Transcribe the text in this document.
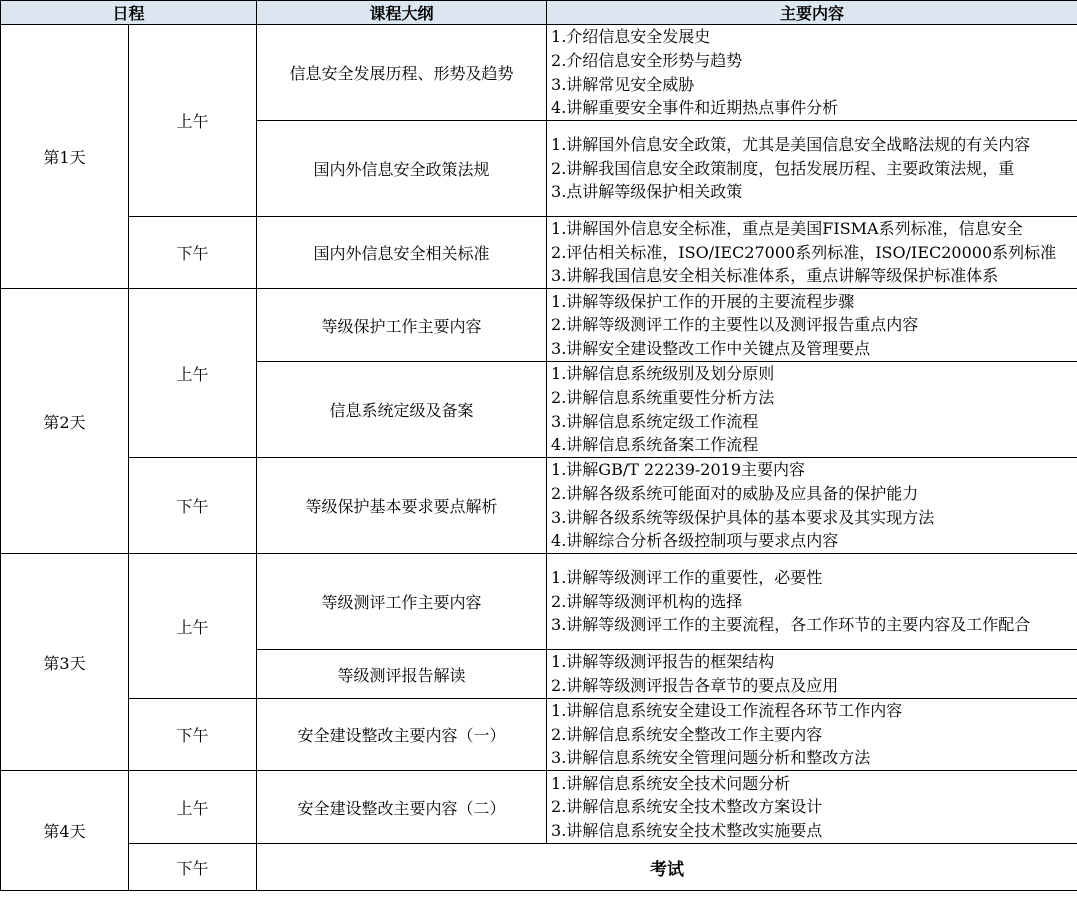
日程		课程大纲	主要内容
第1天	上午	信息安全发展历程、形势及趋势	1.介绍信息安全发展史
2.介绍信息安全形势与趋势
3.讲解常见安全威胁
4.讲解重要安全事件和近期热点事件分析

		国内外信息安全政策法规	1.讲解国外信息安全政策，尤其是美国信息安全战略法规的有关内容
2.讲解我国信息安全政策制度，包括发展历程、主要政策法规，重
3.点讲解等级保护相关政策

	下午	国内外信息安全相关标准	1.讲解国外信息安全标准，重点是美国FISMA系列标准，信息安全
2.评估相关标准，ISO/IEC27000系列标准，ISO/IEC20000系列标准
3.讲解我国信息安全相关标准体系，重点讲解等级保护标准体系

第2天	上午	等级保护工作主要内容	1.讲解等级保护工作的开展的主要流程步骤
2.讲解等级测评工作的主要性以及测评报告重点内容
3.讲解安全建设整改工作中关键点及管理要点

		信息系统定级及备案	1.讲解信息系统级别及划分原则
2.讲解信息系统重要性分析方法
3.讲解信息系统定级工作流程
4.讲解信息系统备案工作流程

	下午	等级保护基本要求要点解析	1.讲解GB/T 22239-2019主要内容
2.讲解各级系统可能面对的威胁及应具备的保护能力
3.讲解各级系统等级保护具体的基本要求及其实现方法
4.讲解综合分析各级控制项与要求点内容

第3天	上午	等级测评工作主要内容	1.讲解等级测评工作的重要性，必要性
2.讲解等级测评机构的选择
3.讲解等级测评工作的主要流程，各工作环节的主要内容及工作配合

		等级测评报告解读	1.讲解等级测评报告的框架结构
2.讲解等级测评报告各章节的要点及应用

	下午	安全建设整改主要内容（一）	1.讲解信息系统安全建设工作流程各环节工作内容
2.讲解信息系统安全整改工作主要内容
3.讲解信息系统安全管理问题分析和整改方法

第4天	上午	安全建设整改主要内容（二）	1.讲解信息系统安全技术问题分析
2.讲解信息系统安全技术整改方案设计
3.讲解信息系统安全技术整改实施要点

	下午	考试	
